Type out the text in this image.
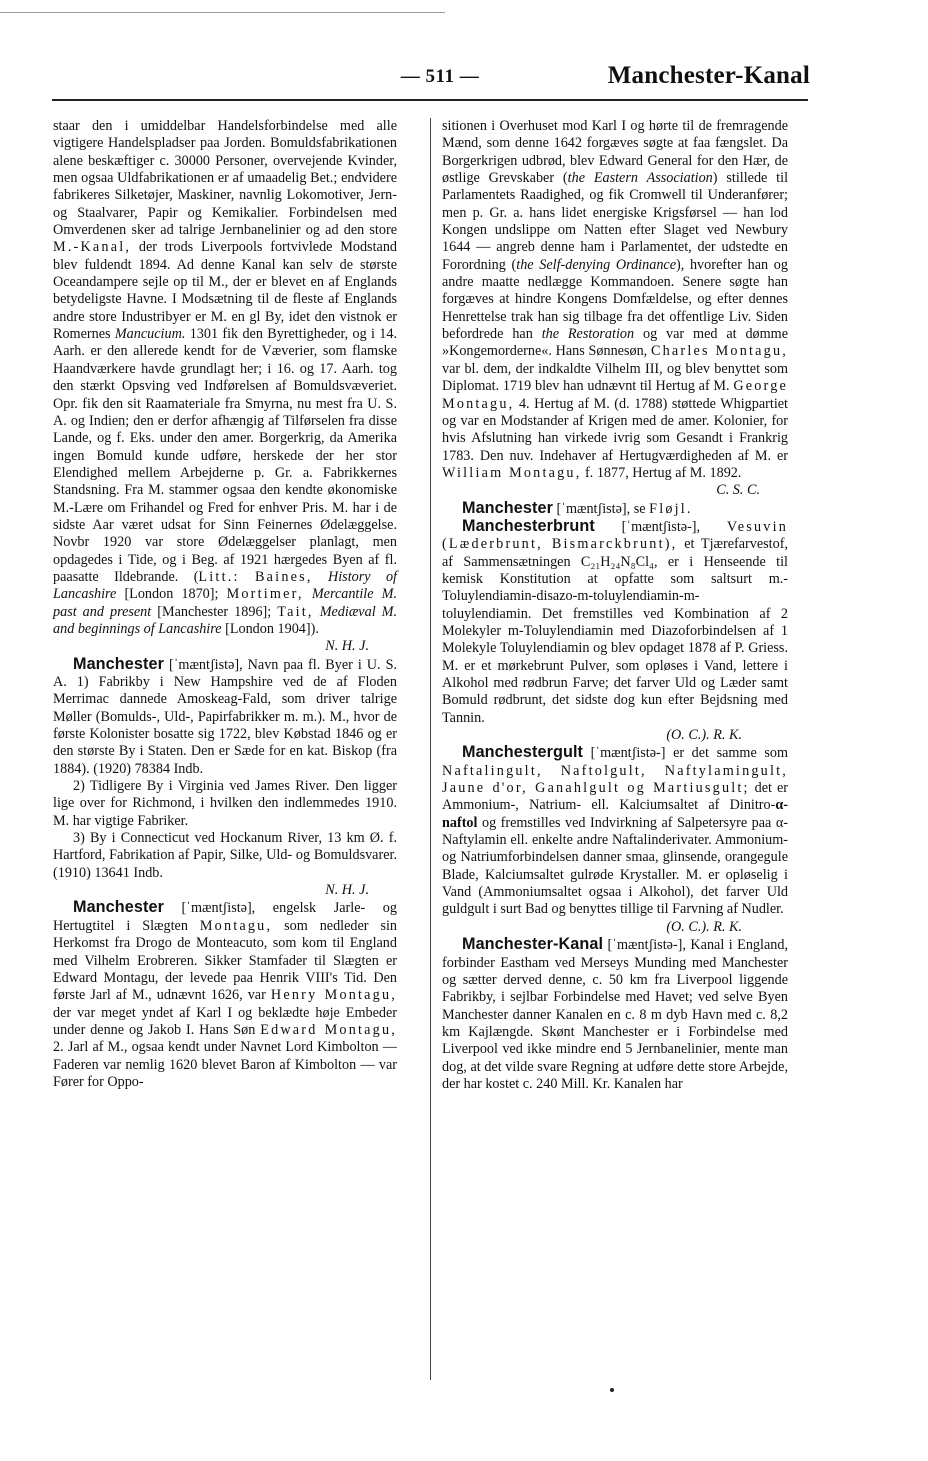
— 511 —	Manchester-Kanal

staar den i umiddelbar Handelsforbindelse med alle vigtigere Handelspladser paa Jorden. Bomuldsfabrikationen alene beskæftiger c. 30000 Personer, overvejende Kvinder, men ogsaa Uldfabrikationen er af umaadelig Bet.; endvidere fabrikeres Silketøjer, Maskiner, navnlig Lokomotiver, Jern- og Staalvarer, Papir og Kemikalier. Forbindelsen med Omverdenen sker ad talrige Jernbanelinier og ad den store M.-Kanal, der trods Liverpools fortvivlede Modstand blev fuldendt 1894. Ad denne Kanal kan selv de største Oceandampere sejle op til M., der er blevet en af Englands betydeligste Havne. I Modsætning til de fleste af Englands andre store Industribyer er M. en gl By, idet den vistnok er Romernes Mancucium. 1301 fik den Byrettigheder, og i 14. Aarh. er den allerede kendt for de Væverier, som flamske Haandværkere havde grundlagt her; i 16. og 17. Aarh. tog den stærkt Opsving ved Indførelsen af Bomuldsvæveriet. Opr. fik den sit Raamateriale fra Smyrna, nu mest fra U. S. A. og Indien; den er derfor afhængig af Tilførselen fra disse Lande, og f. Eks. under den amer. Borgerkrig, da Amerika ingen Bomuld kunde udføre, herskede der her stor Elendighed mellem Arbejderne p. Gr. a. Fabrikkernes Standsning. Fra M. stammer ogsaa den kendte økonomiske M.-Lære om Frihandel og Fred for enhver Pris. M. har i de sidste Aar været udsat for Sinn Feinernes Ødelæggelse. Novbr 1920 var store Ødelæggelser planlagt, men opdagedes i Tide, og i Beg. af 1921 hærgedes Byen af fl. paasatte Ildebrande. (Litt.: Baines, History of Lancashire [London 1870]; Mortimer, Mercantile M. past and present [Manchester 1896]; Tait, Mediæval M. and beginnings of Lancashire [London 1904]).

N. H. J.

Manchester [ˈmæntʃistə], Navn paa fl. Byer i U. S. A. 1) Fabrikby i New Hampshire ved de af Floden Merrimac dannede Amoskeag-Fald, som driver talrige Møller (Bomulds-, Uld-, Papirfabrikker m. m.). M., hvor de første Kolonister bosatte sig 1722, blev Købstad 1846 og er den største By i Staten. Den er Sæde for en kat. Biskop (fra 1884). (1920) 78384 Indb.

2) Tidligere By i Virginia ved James River. Den ligger lige over for Richmond, i hvilken den indlemmedes 1910. M. har vigtige Fabriker.

3) By i Connecticut ved Hockanum River, 13 km Ø. f. Hartford, Fabrikation af Papir, Silke, Uld- og Bomuldsvarer. (1910) 13641 Indb.

N. H. J.

Manchester [ˈmæntʃistə], engelsk Jarle- og Hertugtitel i Slægten Montagu, som nedleder sin Herkomst fra Drogo de Monteacuto, som kom til England med Vilhelm Erobreren. Sikker Stamfader til Slægten er Edward Montagu, der levede paa Henrik VIII's Tid. Den første Jarl af M., udnævnt 1626, var Henry Montagu, der var meget yndet af Karl I og beklædte høje Embeder under denne og Jakob I. Hans Søn Edward Montagu, 2. Jarl af M., ogsaa kendt under Navnet Lord Kimbolton — Faderen var nemlig 1620 blevet Baron af Kimbolton — var Fører for Oppo-

sitionen i Overhuset mod Karl I og hørte til de fremragende Mænd, som denne 1642 forgæves søgte at faa fængslet. Da Borgerkrigen udbrød, blev Edward General for den Hær, de østlige Grevskaber (the Eastern Association) stillede til Parlamentets Raadighed, og fik Cromwell til Underanfører; men p. Gr. a. hans lidet energiske Krigsførsel — han lod Kongen undslippe om Natten efter Slaget ved Newbury 1644 — angreb denne ham i Parlamentet, der udstedte en Forordning (the Self-denying Ordinance), hvorefter han og andre maatte nedlægge Kommandoen. Senere søgte han forgæves at hindre Kongens Domfældelse, og efter dennes Henrettelse trak han sig tilbage fra det offentlige Liv. Siden befordrede han the Restoration og var med at dømme »Kongemorderne«. Hans Sønnesøn, Charles Montagu, var bl. dem, der indkaldte Vilhelm III, og blev benyttet som Diplomat. 1719 blev han udnævnt til Hertug af M. George Montagu, 4. Hertug af M. (d. 1788) støttede Whigpartiet og var en Modstander af Krigen med de amer. Kolonier, for hvis Afslutning han virkede ivrig som Gesandt i Frankrig 1783. Den nuv. Indehaver af Hertugværdigheden af M. er William Montagu, f. 1877, Hertug af M. 1892.

C. S. C.

Manchester [ˈmæntʃistə], se Fløjl.

Manchesterbrunt [ˈmæntʃistə-], Vesuvin (Læderbrunt, Bismarckbrunt), et Tjærefarvestof, af Sammensætningen C₂₁H₂₄N₈Cl₄, er i Henseende til kemisk Konstitution at opfatte som saltsurt m.-Toluylendiamin-disazo-m-toluylendiamin-m-toluylendiamin. Det fremstilles ved Kombination af 2 Molekyler m-Toluylendiamin med Diazoforbindelsen af 1 Molekyle Toluylendiamin og blev opdaget 1878 af P. Griess. M. er et mørkebrunt Pulver, som opløses i Vand, lettere i Alkohol med rødbrun Farve; det farver Uld og Læder samt Bomuld rødbrunt, det sidste dog kun efter Bejdsning med Tannin.

(O. C.). R. K.

Manchestergult [ˈmæntʃistə-] er det samme som Naftalingult, Naftolgult, Naftylamingult, Jaune d'or, Ganahlgult og Martiusgult; det er Ammonium-, Natrium- ell. Kalciumsaltet af Dinitro-α-naftol og fremstilles ved Indvirkning af Salpetersyre paa α-Naftylamin ell. enkelte andre Naftalinderivater. Ammonium- og Natriumforbindelsen danner smaa, glinsende, orangegule Blade, Kalciumsaltet gulrøde Krystaller. M. er opløselig i Vand (Ammoniumsaltet ogsaa i Alkohol), det farver Uld guldgult i surt Bad og benyttes tillige til Farvning af Nudler.

(O. C.). R. K.

Manchester-Kanal [ˈmæntʃistə-], Kanal i England, forbinder Eastham ved Merseys Munding med Manchester og sætter derved denne, c. 50 km fra Liverpool liggende Fabrikby, i sejlbar Forbindelse med Havet; ved selve Byen Manchester danner Kanalen en c. 8 m dyb Havn med c. 8,2 km Kajlængde. Skønt Manchester er i Forbindelse med Liverpool ved ikke mindre end 5 Jernbanelinier, mente man dog, at det vilde svare Regning at udføre dette store Arbejde, der har kostet c. 240 Mill. Kr. Kanalen har
